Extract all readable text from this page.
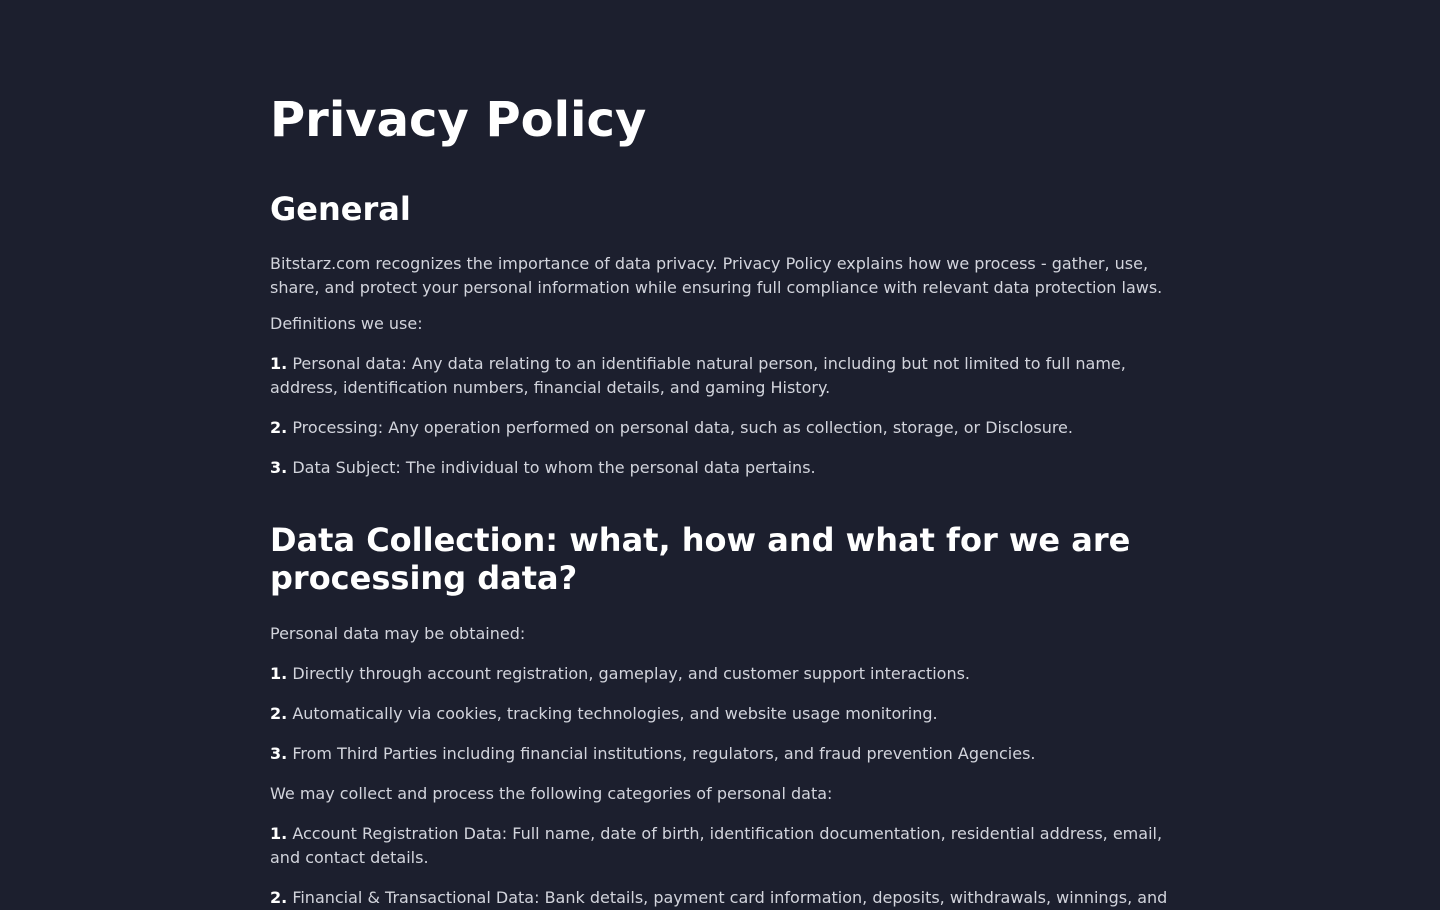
Privacy Policy
General

Bitstarz.com recognizes the importance of data privacy. Privacy Policy explains how we process - gather, use, share, and protect your personal information while ensuring full compliance with relevant data protection laws.

Definitions we use:

1. Personal data: Any data relating to an identifiable natural person, including but not limited to full name, address, identification numbers, financial details, and gaming History.

2. Processing: Any operation performed on personal data, such as collection, storage, or Disclosure.

3. Data Subject: The individual to whom the personal data pertains.

Data Collection: what, how and what for we are processing data?

Personal data may be obtained:

1. Directly through account registration, gameplay, and customer support interactions.

2. Automatically via cookies, tracking technologies, and website usage monitoring.

3. From Third Parties including financial institutions, regulators, and fraud prevention Agencies.

We may collect and process the following categories of personal data:

1. Account Registration Data: Full name, date of birth, identification documentation, residential address, email, and contact details.

2. Financial & Transactional Data: Bank details, payment card information, deposits, withdrawals, winnings, and
